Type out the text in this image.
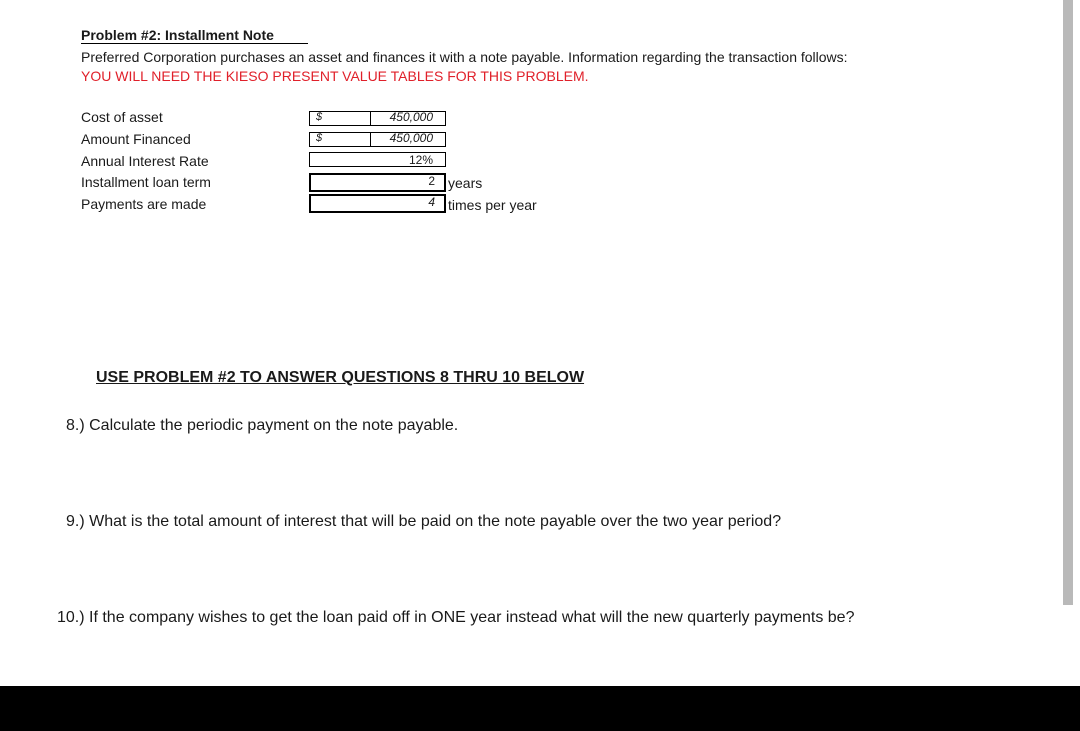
Problem #2: Installment Note
Preferred Corporation purchases an asset and finances it with a note payable. Information regarding the transaction follows:
YOU WILL NEED THE KIESO PRESENT VALUE TABLES FOR THIS PROBLEM.
Cost of asset
Amount Financed
Annual Interest Rate
Installment loan term
Payments are made
$	450,000
$	450,000
12%
2 years
4 times per year
USE PROBLEM #2 TO ANSWER QUESTIONS 8 THRU 10 BELOW
8.) Calculate the periodic payment on the note payable.
9.) What is the total amount of interest that will be paid on the note payable over the two year period?
10.) If the company wishes to get the loan paid off in ONE year instead what will the new quarterly payments be?
